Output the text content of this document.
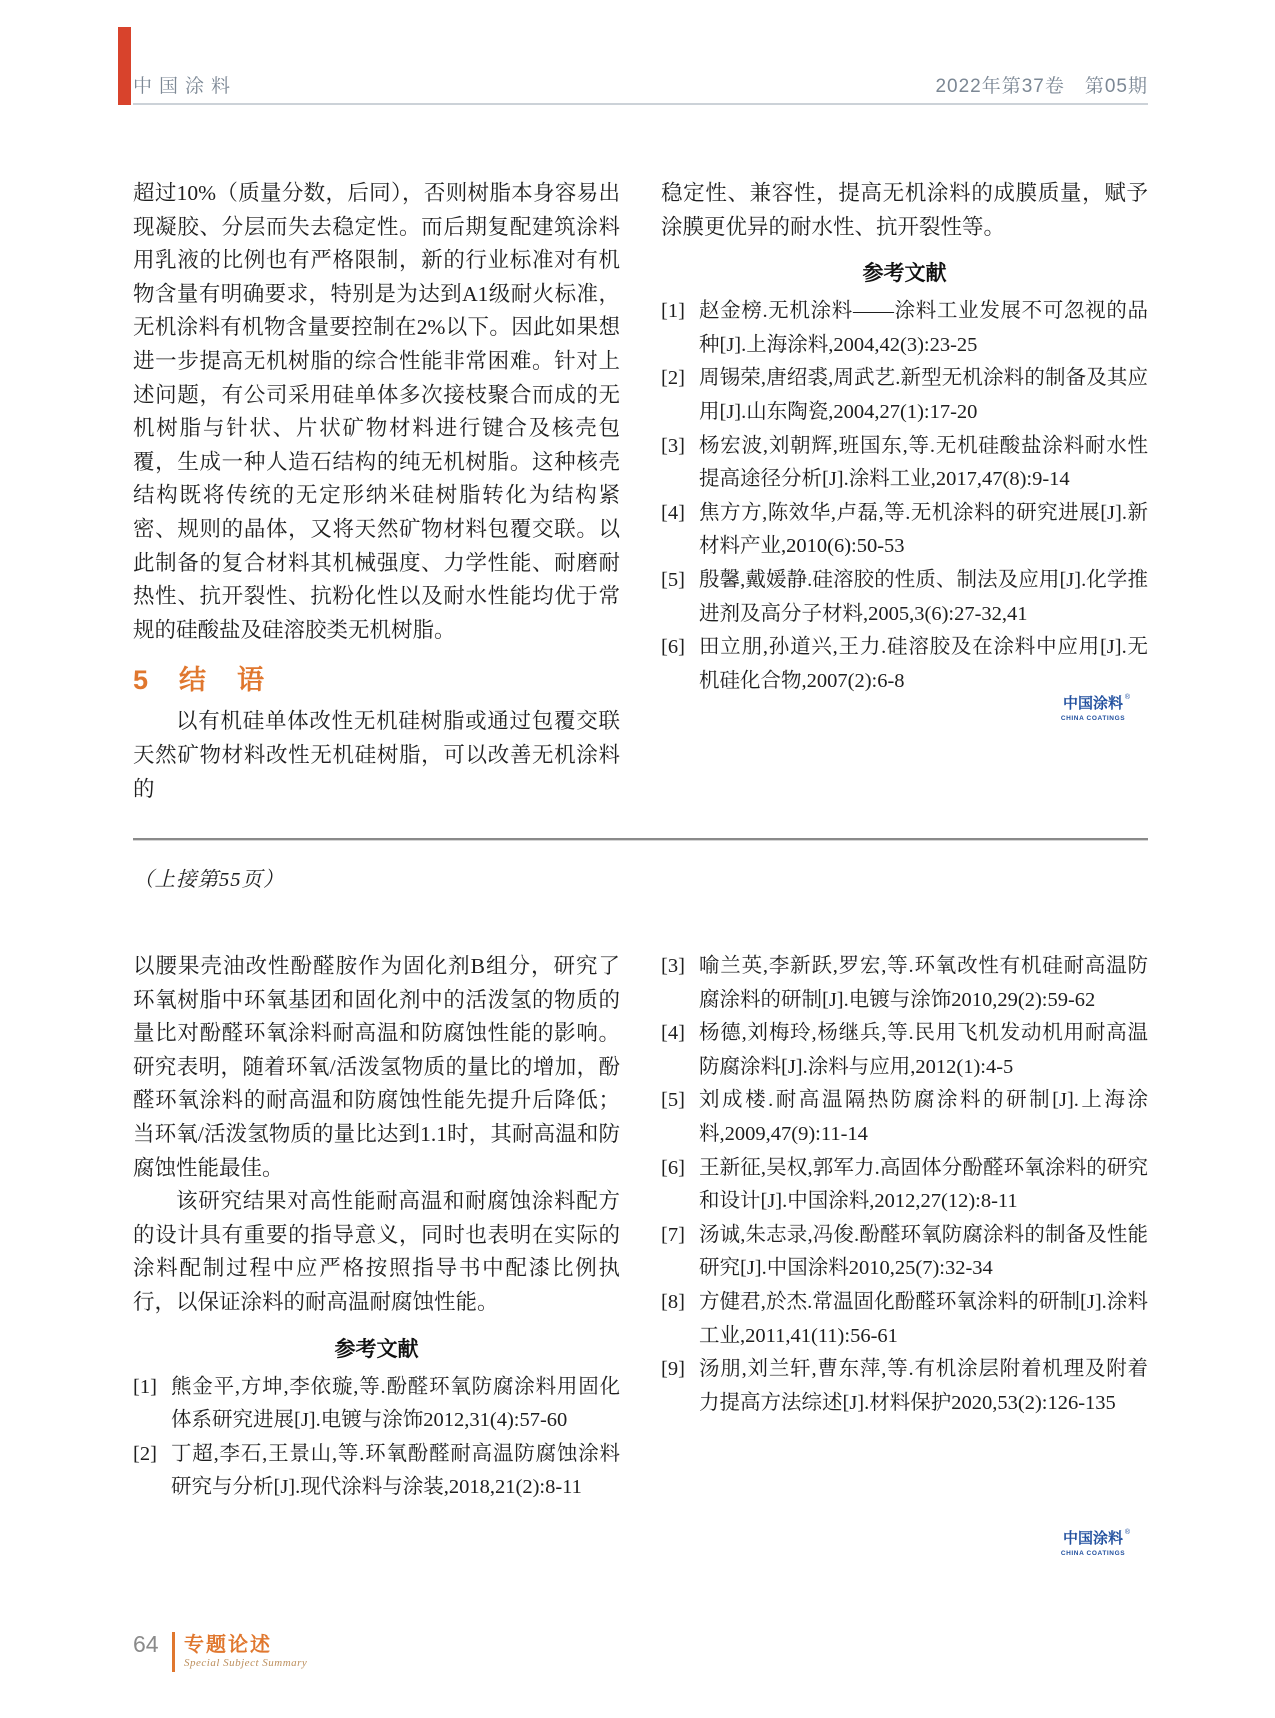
中国涂料	2022年第37卷　第05期

超过10%（质量分数，后同），否则树脂本身容易出现凝胶、分层而失去稳定性。而后期复配建筑涂料用乳液的比例也有严格限制，新的行业标准对有机物含量有明确要求，特别是为达到A1级耐火标准，无机涂料有机物含量要控制在2%以下。因此如果想进一步提高无机树脂的综合性能非常困难。针对上述问题，有公司采用硅单体多次接枝聚合而成的无机树脂与针状、片状矿物材料进行键合及核壳包覆，生成一种人造石结构的纯无机树脂。这种核壳结构既将传统的无定形纳米硅树脂转化为结构紧密、规则的晶体，又将天然矿物材料包覆交联。以此制备的复合材料其机械强度、力学性能、耐磨耐热性、抗开裂性、抗粉化性以及耐水性能均优于常规的硅酸盐及硅溶胶类无机树脂。

5　结　语

以有机硅单体改性无机硅树脂或通过包覆交联天然矿物材料改性无机硅树脂，可以改善无机涂料的

稳定性、兼容性，提高无机涂料的成膜质量，赋予涂膜更优异的耐水性、抗开裂性等。

参考文献
[1] 赵金榜.无机涂料——涂料工业发展不可忽视的品种[J].上海涂料,2004,42(3):23-25
[2] 周锡荣,唐绍裘,周武艺.新型无机涂料的制备及其应用[J].山东陶瓷,2004,27(1):17-20
[3] 杨宏波,刘朝辉,班国东,等.无机硅酸盐涂料耐水性提高途径分析[J].涂料工业,2017,47(8):9-14
[4] 焦方方,陈效华,卢磊,等.无机涂料的研究进展[J].新材料产业,2010(6):50-53
[5] 殷馨,戴媛静.硅溶胶的性质、制法及应用[J].化学推进剂及高分子材料,2005,3(6):27-32,41
[6] 田立朋,孙道兴,王力.硅溶胶及在涂料中应用[J].无机硅化合物,2007(2):6-8
中国涂料 ®
CHINA COATINGS
（上接第55页）

以腰果壳油改性酚醛胺作为固化剂B组分，研究了环氧树脂中环氧基团和固化剂中的活泼氢的物质的量比对酚醛环氧涂料耐高温和防腐蚀性能的影响。研究表明，随着环氧/活泼氢物质的量比的增加，酚醛环氧涂料的耐高温和防腐蚀性能先提升后降低；当环氧/活泼氢物质的量比达到1.1时，其耐高温和防腐蚀性能最佳。

该研究结果对高性能耐高温和耐腐蚀涂料配方的设计具有重要的指导意义，同时也表明在实际的涂料配制过程中应严格按照指导书中配漆比例执行，以保证涂料的耐高温耐腐蚀性能。

参考文献
[1] 熊金平,方坤,李依璇,等.酚醛环氧防腐涂料用固化体系研究进展[J].电镀与涂饰2012,31(4):57-60
[2] 丁超,李石,王景山,等.环氧酚醛耐高温防腐蚀涂料研究与分析[J].现代涂料与涂装,2018,21(2):8-11
[3] 喻兰英,李新跃,罗宏,等.环氧改性有机硅耐高温防腐涂料的研制[J].电镀与涂饰2010,29(2):59-62
[4] 杨德,刘梅玲,杨继兵,等.民用飞机发动机用耐高温防腐涂料[J].涂料与应用,2012(1):4-5
[5] 刘成楼.耐高温隔热防腐涂料的研制[J].上海涂料,2009,47(9):11-14
[6] 王新征,吴权,郭军力.高固体分酚醛环氧涂料的研究和设计[J].中国涂料,2012,27(12):8-11
[7] 汤诚,朱志录,冯俊.酚醛环氧防腐涂料的制备及性能研究[J].中国涂料2010,25(7):32-34
[8] 方健君,於杰.常温固化酚醛环氧涂料的研制[J].涂料工业,2011,41(11):56-61
[9] 汤朋,刘兰轩,曹东萍,等.有机涂层附着机理及附着力提高方法综述[J].材料保护2020,53(2):126-135
中国涂料 ®
CHINA COATINGS
64 专题论述
Special Subject Summary
